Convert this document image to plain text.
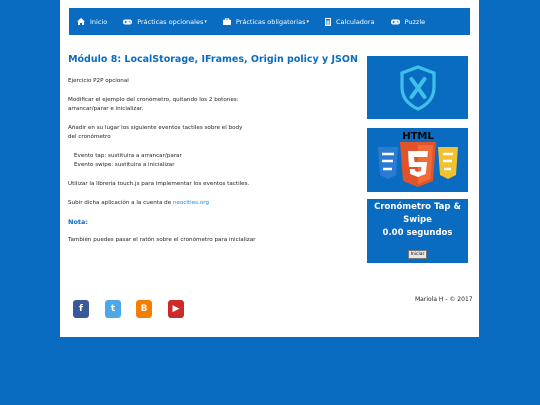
Inicio	Prácticas opcionales ▾	Prácticas obligatorias ▾	Calculadora	Puzzle
Módulo 8: LocalStorage, IFrames, Origin policy y JSON

Ejercicio P2P opcional

Modificar el ejemplo del cronómetro, quitando los 2 botones:
arrancar/parar e inicializar.

Añadir en su lugar los siguiente eventos tactiles sobre el body
del cronómetro

Evento tap: sustituira a arrancar/parar
Evento swipe: sustituira a inicializar

Utilizar la libreria touch.js para implementar los eventos tactiles.

Subir dicha aplicación a la cuenta de neocities.org

Nota:

También puedes pasar el ratón sobre el cronómetro para inicializar

HTML
Cronómetro Tap & Swipe
0.00 segundos
Iniciar
f	t	B	▶
Mariola H - © 2017
